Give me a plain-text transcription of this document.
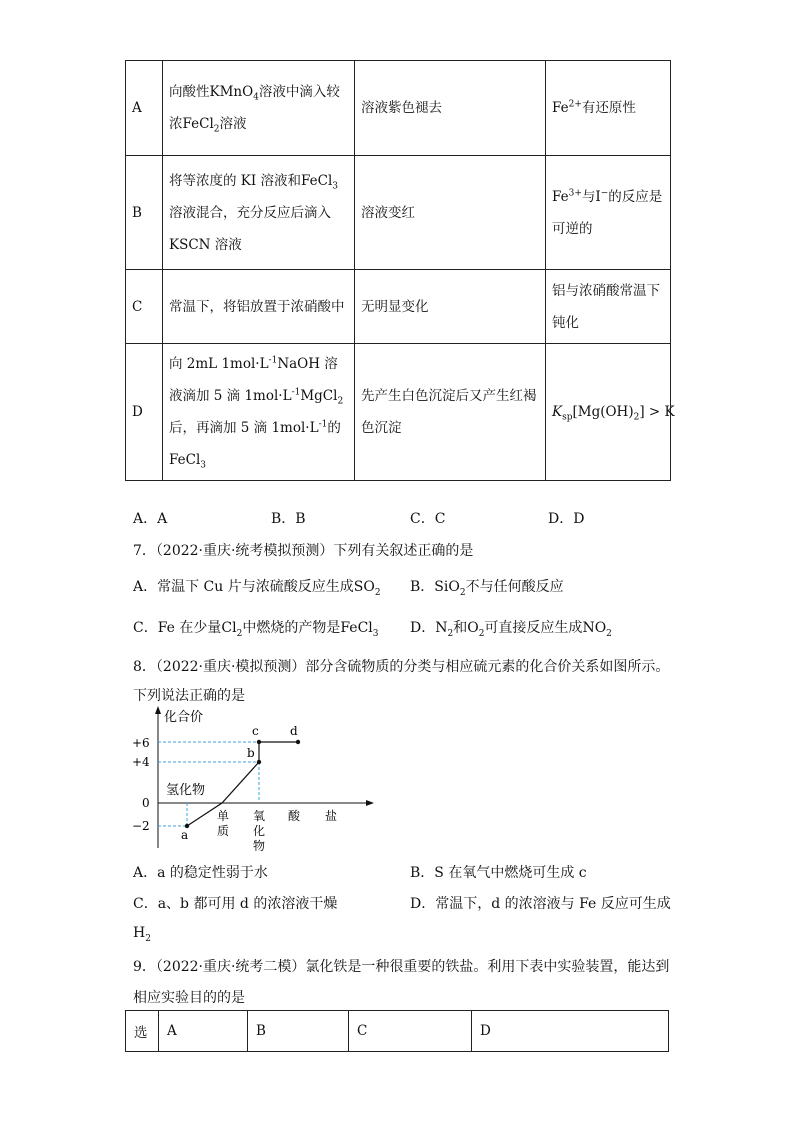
A	向酸性KMnO$_4$溶液中滴入较浓FeCl$_2$溶液	溶液紫色褪去	$Fe^{2+}$有还原性
B	将等浓度的 KI 溶液和FeCl$_3$溶液混合，充分反应后滴入 KSCN 溶液	溶液变红	$Fe^{3+}$与I−的反应是可逆的
C	常温下，将铝放置于浓硝酸中	无明显变化	铝与浓硝酸常温下钝化
D	向 2mL $1mol\cdot L^{-1}NaOH$ 溶液滴加 5 滴 $1mol\cdot L^{-1}MgCl_2$后，再滴加 5 滴 $1mol\cdot L^{-1}$的FeCl$_3$	先产生白色沉淀后又产生红褐色沉淀	$K_{sp}[Mg(OH)_2] > K$
A．A	B．B	C．C	D．D
7．（2022·重庆·统考模拟预测）下列有关叙述正确的是
A．常温下 Cu 片与浓硫酸反应生成$SO_2$ B．SiO$_2$不与任何酸反应
C．Fe 在少量$Cl_2$中燃烧的产物是FeCl$_3$ D．$N_2$和$O_2$可直接反应生成$NO_2$
8．（2022·重庆·模拟预测）部分含硫物质的分类与相应硫元素的化合价关系如图所示。
下列说法正确的是
化合价
+6
+4
0
−2
a
b
c	d
氢化物
单
质
氧
化
物
酸 盐
A．a 的稳定性弱于水	B．S 在氧气中燃烧可生成 c
C．a、b 都可用 d 的浓溶液干燥	D．常温下，d 的浓溶液与 Fe 反应可生成
$H_2$
9．（2022·重庆·统考二模）氯化铁是一种很重要的铁盐。利用下表中实验装置，能达到
相应实验目的的是
选	A	B	C	D
